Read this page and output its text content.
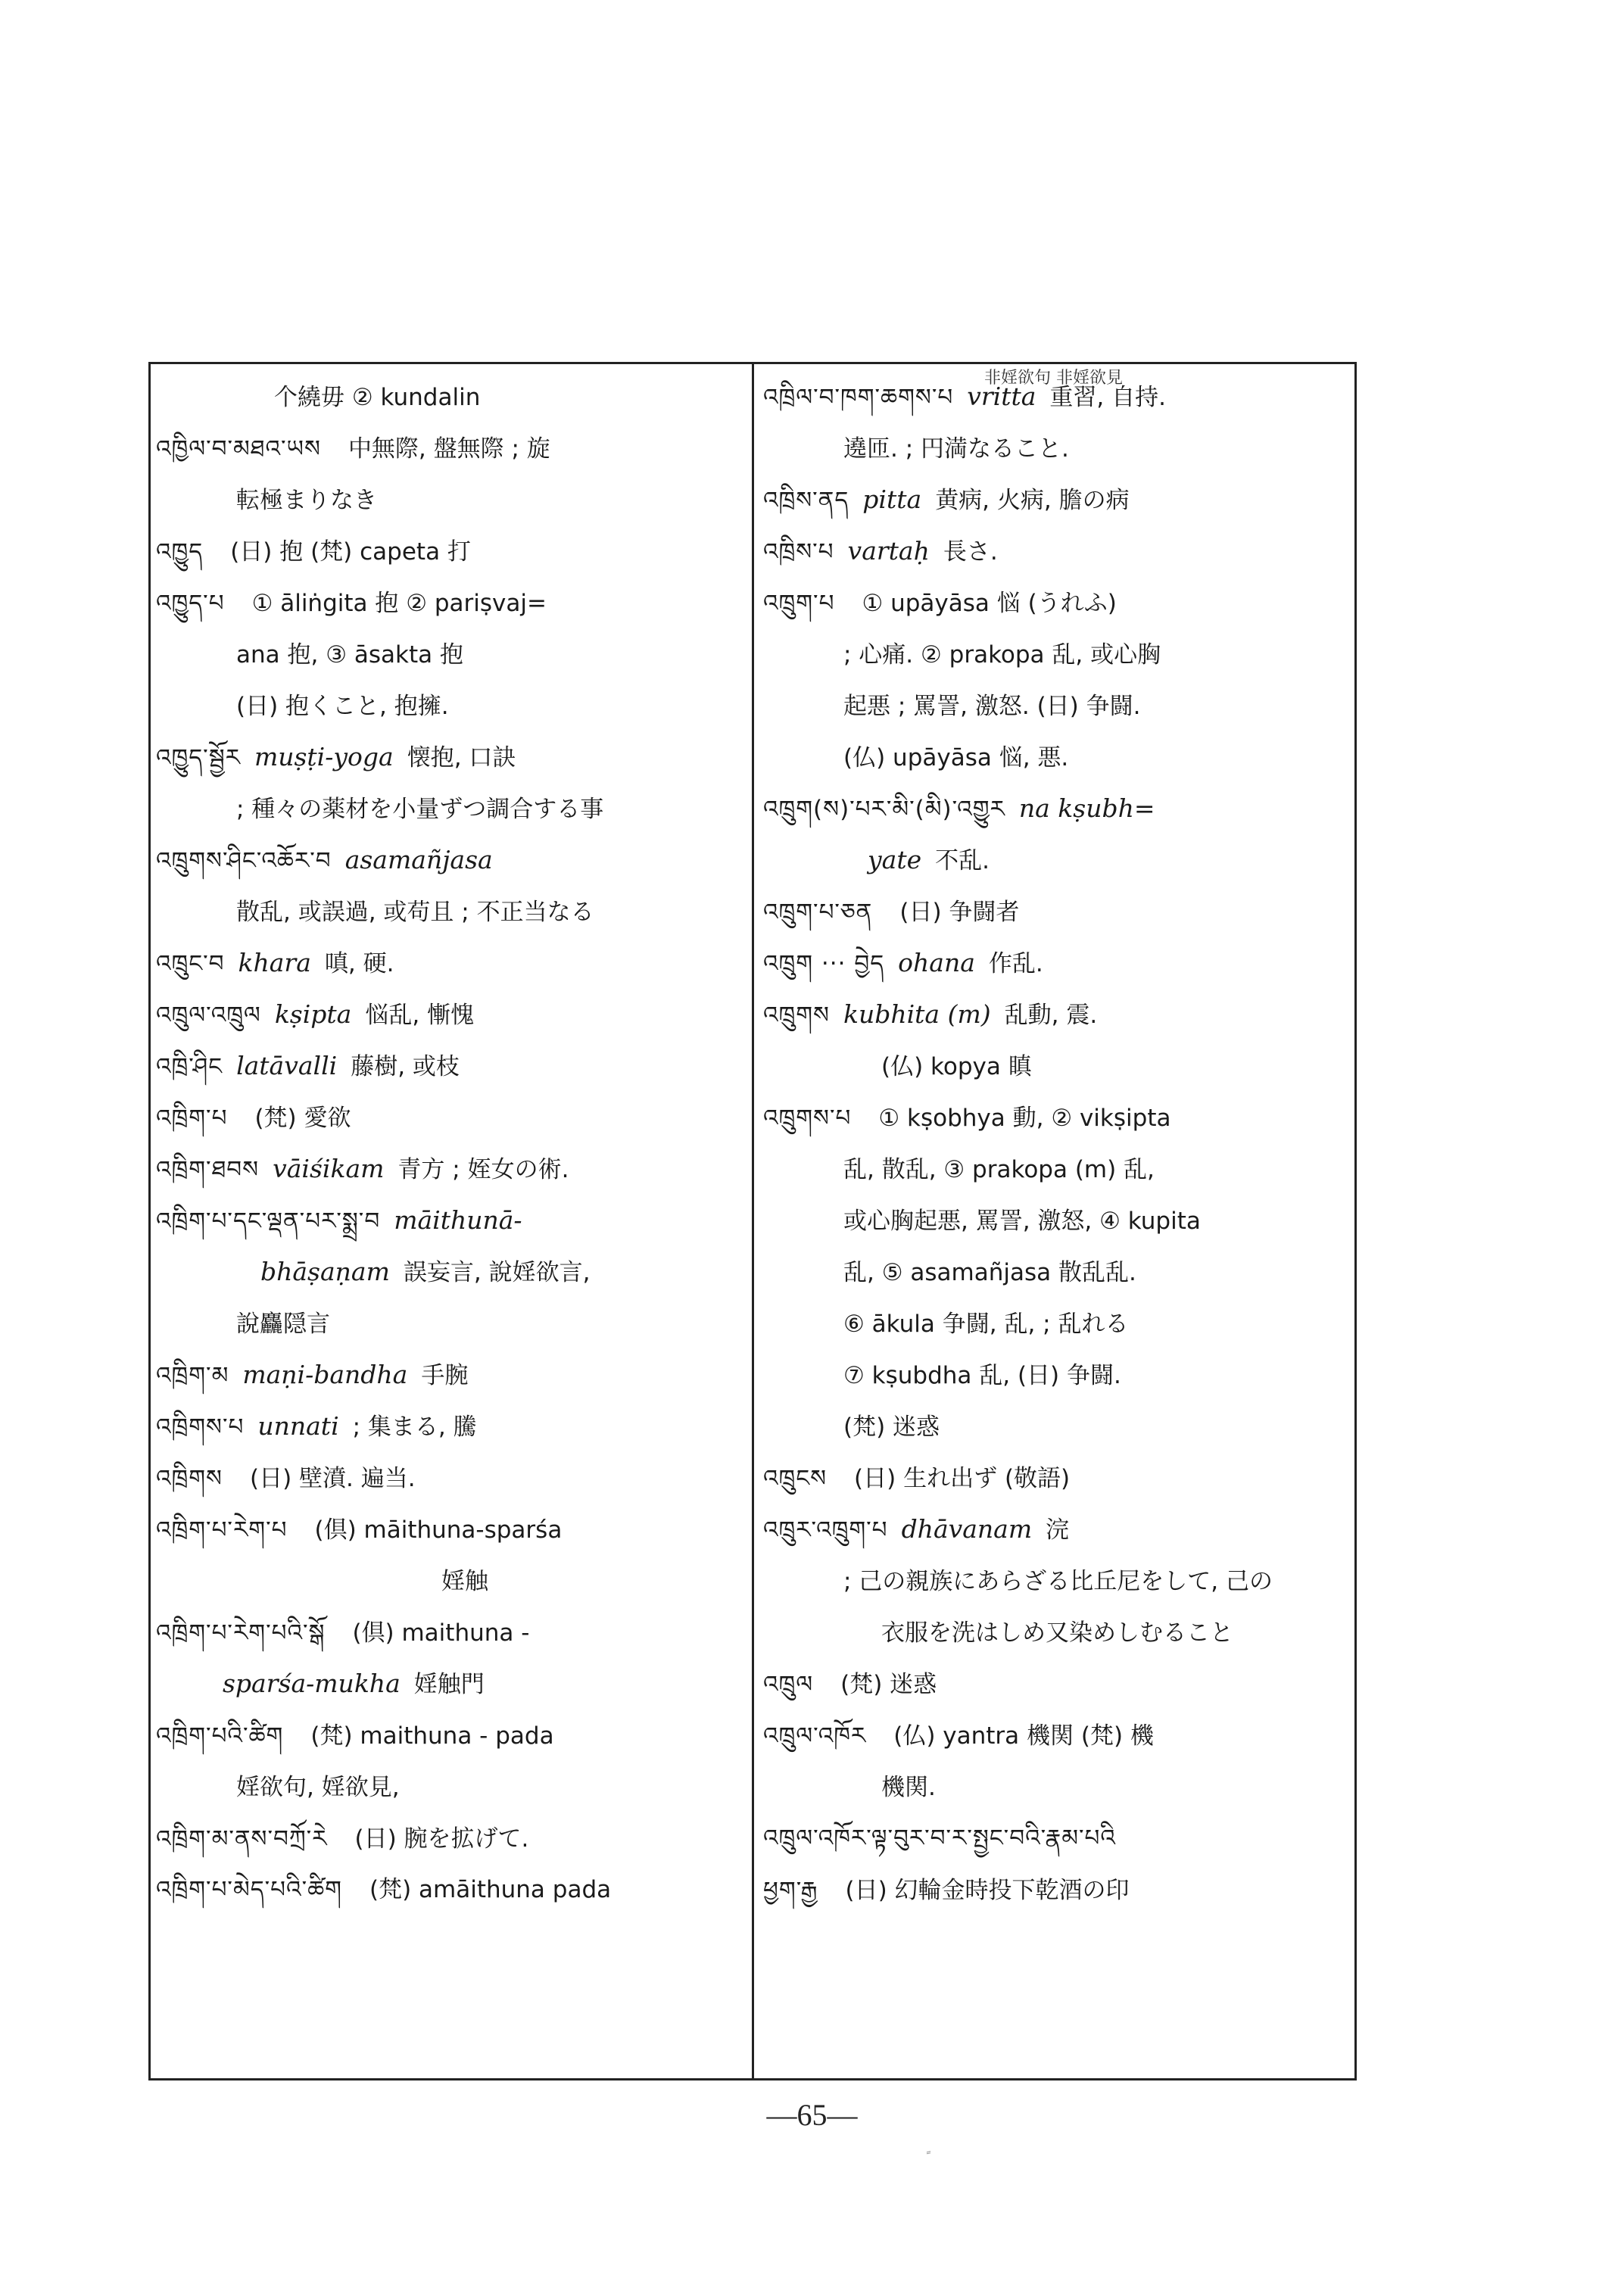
非婬欲句 非婬欲見
个繞毋 ② kundalin
འཁྱིལ་བ་མཐའ་ཡས 中無際, 盤無際 ; 旋
転極まりなき
འཁྱུད (日) 抱 (梵) capeta 打
འཁྱུད་པ ① āliṅgita 抱 ② pariṣvaj=
ana 抱, ③ āsakta 抱
(日) 抱くこと, 抱擁.
འཁྱུད་སྦྱོར muṣṭi-yoga 懐抱, 口訣
; 種々の薬材を小量ずつ調合する事
འཁྲུགས་ཤིང་འཆོར་བ asamañjasa
散乱, 或誤過, 或苟且 ; 不正当なる
འཁྲུང་བ khara 嗔, 硬.
འཁྲུལ་འཁྲུལ kṣipta 悩乱, 慚愧
འཁྲི་ཤིང latāvalli 藤樹, 或枝
འཁྲིག་པ (梵) 愛欲
འཁྲིག་ཐབས vāiśikam 青方 ; 姪女の術.
འཁྲིག་པ་དང་ལྡན་པར་སྨྲ་བ māithunā-
bhāṣaṇam 誤妄言, 說婬欲言,
說麤隠言
འཁྲིག་མ maṇi-bandha 手腕
འཁྲིགས་པ unnati ; 集まる, 騰
འཁྲིགས (日) 壁濆. 遍当.
འཁྲིག་པ་རེག་པ (倶) māithuna-sparśa
婬触
འཁྲིག་པ་རེག་པའི་སྒོ (倶) maithuna -
sparśa-mukha 婬触門
འཁྲིག་པའི་ཚིག (梵) maithuna - pada
婬欲句, 婬欲見,
འཁྲིག་མ་ནས་བཀྲོ་རེ (日) 腕を拡げて.
འཁྲིག་པ་མེད་པའི་ཚིག (梵) amāithuna pada
འཁྲིལ་བ་ཁག་ཆགས་པ vritta 重習, 自持.
遶匝. ; 円満なること.
འཁྲིས་ནད pitta 黄病, 火病, 膽の病
འཁྲིས་པ vartaḥ 長さ.
འཁྲུག་པ ① upāyāsa 悩 (うれふ)
; 心痛. ② prakopa 乱, 或心胸
起悪 ; 罵詈, 激怒. (日) 争闘.
(仏) upāyāsa 悩, 悪.
འཁྲུག(ས)་པར་མི་(མི)་འགྱུར na kṣubh=
yate 不乱.
འཁྲུག་པ་ཅན (日) 争闘者
འཁྲུག ··· བྱེད ohana 作乱.
འཁྲུགས kubhita (m) 乱動, 震.
(仏) kopya 瞋
འཁྲུགས་པ ① kṣobhya 動, ② vikṣipta
乱, 散乱, ③ prakopa (m) 乱,
或心胸起悪, 罵詈, 激怒, ④ kupita
乱, ⑤ asamañjasa 散乱乱.
⑥ ākula 争闘, 乱, ; 乱れる
⑦ kṣubdha 乱, (日) 争闘.
(梵) 迷惑
འཁྲུངས (日) 生れ出ず (敬語)
འཁྲུར་འཁྲུག་པ dhāvanam 浣
; 己の親族にあらざる比丘尼をして, 己の
衣服を洗はしめ又染めしむること
འཁྲུལ (梵) 迷惑
འཁྲུལ་འཁོར (仏) yantra 機関 (梵) 機
機関.
འཁྲུལ་འཁོར་ལྟ་བུར་བ་ར་སྤྱང་བའི་རྣམ་པའི
ཕྱག་རྒྱ (日) 幻輪金時投下乾酒の印
—65—
